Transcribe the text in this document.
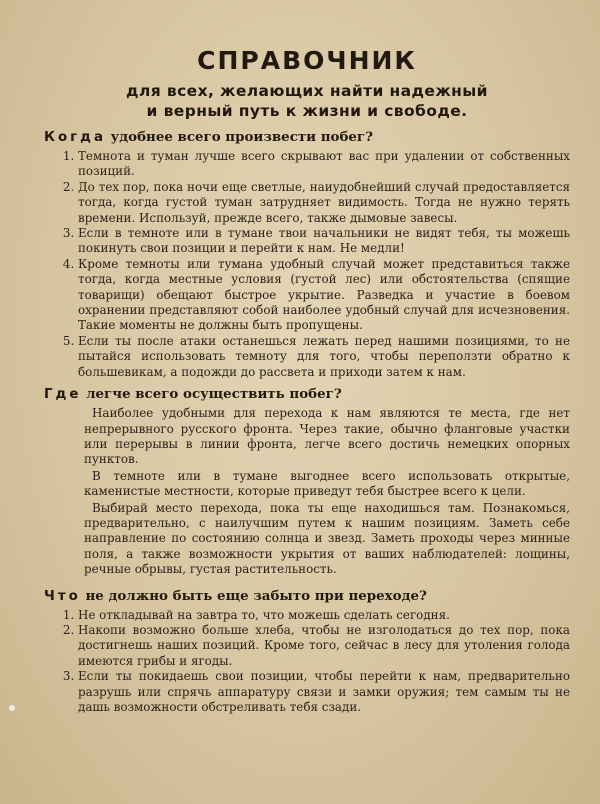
СПРАВОЧНИК
для всех, желающих найти надежный
и верный путь к жизни и свободе.
Когда удобнее всего произвести побег?
1. Темнота и туман лучше всего скрывают вас при удалении от собственных позиций.
2. До тех пор, пока ночи еще светлые, наиудобнейший случай предоставляется тогда, когда густой туман затрудняет видимость. Тогда не нужно терять времени. Используй, прежде всего, также дымовые завесы.
3. Если в темноте или в тумане твои начальники не видят тебя, ты можешь покинуть свои позиции и перейти к нам. Не медли!
4. Кроме темноты или тумана удобный случай может представиться также тогда, когда местные условия (густой лес) или обстоятельства (спящие товарищи) обещают быстрое укрытие. Разведка и участие в боевом охранении представляют собой наиболее удобный случай для исчезновения. Такие моменты не должны быть пропущены.
5. Если ты после атаки останешься лежать перед нашими позициями, то не пытайся использовать темноту для того, чтобы переползти обратно к большевикам, а подожди до рассвета и приходи затем к нам.
Где легче всего осуществить побег?
Наиболее удобными для перехода к нам являются те места, где нет непрерывного русского фронта. Через такие, обычно фланговые участки или перерывы в линии фронта, легче всего достичь немецких опорных пунктов.
В темноте или в тумане выгоднее всего использовать открытые, каменистые местности, которые приведут тебя быстрее всего к цели.
Выбирай место перехода, пока ты еще находишься там. Познакомься, предварительно, с наилучшим путем к нашим позициям. Заметь себе направление по состоянию солнца и звезд. Заметь проходы через минные поля, а также возможности укрытия от ваших наблюдателей: лощины, речные обрывы, густая растительность.
Что не должно быть еще забыто при переходе?
1. Не откладывай на завтра то, что можешь сделать сегодня.
2. Накопи возможно больше хлеба, чтобы не изголодаться до тех пор, пока достигнешь наших позиций. Кроме того, сейчас в лесу для утоления голода имеются грибы и ягоды.
3. Если ты покидаешь свои позиции, чтобы перейти к нам, предварительно разрушь или спрячь аппаратуру связи и замки оружия; тем самым ты не дашь возможности обстреливать тебя сзади.
